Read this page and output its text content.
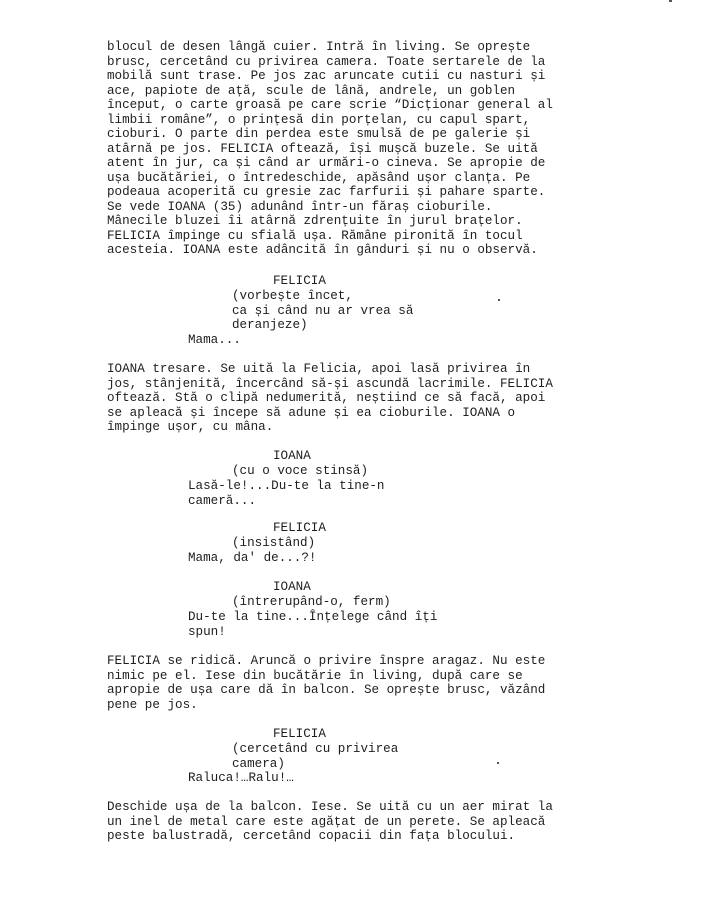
blocul de desen lângă cuier. Intră în living. Se oprește
brusc, cercetând cu privirea camera. Toate sertarele de la
mobilă sunt trase. Pe jos zac aruncate cutii cu nasturi și
ace, papiote de ață, scule de lână, andrele, un goblen
început, o carte groasă pe care scrie “Dicționar general al
limbii române”, o prințesă din porțelan, cu capul spart,
cioburi. O parte din perdea este smulsă de pe galerie și
atârnă pe jos. FELICIA oftează, își mușcă buzele. Se uită
atent în jur, ca și când ar urmări-o cineva. Se apropie de
ușa bucătăriei, o întredeschide, apăsând ușor clanța. Pe
podeaua acoperită cu gresie zac farfurii și pahare sparte.
Se vede IOANA (35) adunând într-un făraș cioburile.
Mânecile bluzei îi atârnă zdrențuite în jurul brațelor.
FELICIA împinge cu sfială ușa. Rămâne pironită în tocul
acesteia. IOANA este adâncită în gânduri și nu o observă.

FELICIA

(vorbește încet,
ca și când nu ar vrea să
deranjeze)

Mama...

IOANA tresare. Se uită la Felicia, apoi lasă privirea în
jos, stânjenită, încercând să-și ascundă lacrimile. FELICIA
oftează. Stă o clipă nedumerită, neștiind ce să facă, apoi
se apleacă și începe să adune și ea cioburile. IOANA o
împinge ușor, cu mâna.

IOANA

(cu o voce stinsă)

Lasă-le!...Du-te la tine-n
cameră...

FELICIA

(insistând)

Mama, da' de...?!

IOANA

(întrerupând-o, ferm)

Du-te la tine...Înțelege când îți
spun!

FELICIA se ridică. Aruncă o privire înspre aragaz. Nu este
nimic pe el. Iese din bucătărie în living, după care se
apropie de ușa care dă în balcon. Se oprește brusc, văzând
pene pe jos.

FELICIA

(cercetând cu privirea
camera)

Raluca!…Ralu!…

Deschide ușa de la balcon. Iese. Se uită cu un aer mirat la
un inel de metal care este agățat de un perete. Se apleacă
peste balustradă, cercetând copacii din fața blocului.
